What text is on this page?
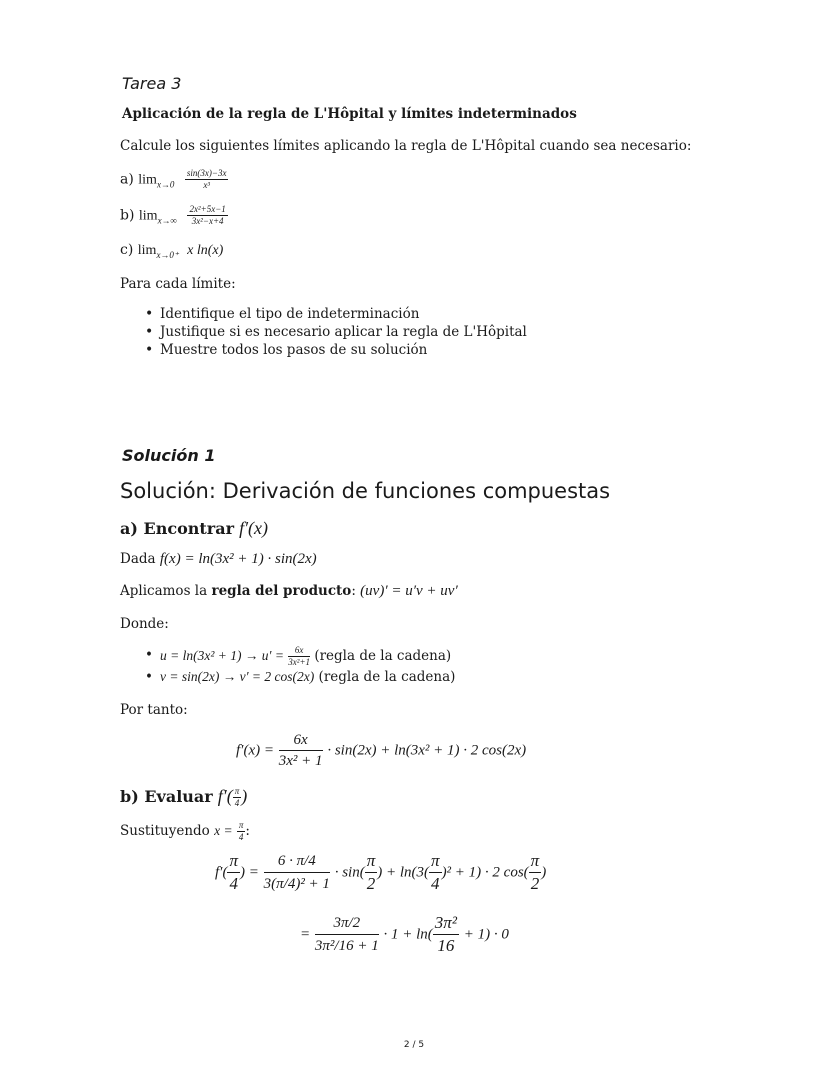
Tarea 3
Aplicación de la regla de L'Hôpital y límites indeterminados
Calcule los siguientes límites aplicando la regla de L'Hôpital cuando sea necesario:
a) $\lim_{x\to 0} \frac{\sin(3x)-3x}{\text{x³}}$
b) $\lim_{x\to\infty} \frac{\text{2x²+5x−1}}{\text{3x²−x+4}}$
c) $\lim_{x\to 0^+} x$ ln(x)
Para cada límite:
• Identifique el tipo de indeterminación
• Justifique si es necesario aplicar la regla de L'Hôpital
• Muestre todos los pasos de su solución
Solución 1
Solución: Derivación de funciones compuestas
a) Encontrar f′(x)
Dada f(x) = ln(3x² + 1) · sin(2x)
Aplicamos la regla del producto: (uv)′ = u′v + uv′
Donde:
• $u = \ln(3x^2 + 1) \to u' = \frac{6x}{\text{3x²+1}}$ (regla de la cadena)
• v = sin(2x) → v′ = 2 cos(2x) (regla de la cadena)
Por tanto:
$f'(x) = \frac{6x}{\text{3x² + 1}} \cdot \sin(2x) + \ln(3x^2 + 1) \cdot 2$ cos(2x)
b) Evaluar $f'( \frac{\pi}{4}$ )
Sustituyendo $x = \frac{\pi}{4}$ :
$f'( \frac{\pi}{4}$ ) = $\frac{6 \cdot \pi/4}{\text{3(π/4)² + 1}} \cdot \sin( \frac{\pi}{2}$ ) + $\ln(3( \frac{\pi}{4} )^2 + 1) \cdot 2$ $\cos( \frac{\pi}{2}$ )
= $\frac{3\pi/2}{\text{3π²/16 + 1}} \cdot 1 + \ln( \frac{\text{3π²}}{16} + 1) \cdot 0$
2 / 5
